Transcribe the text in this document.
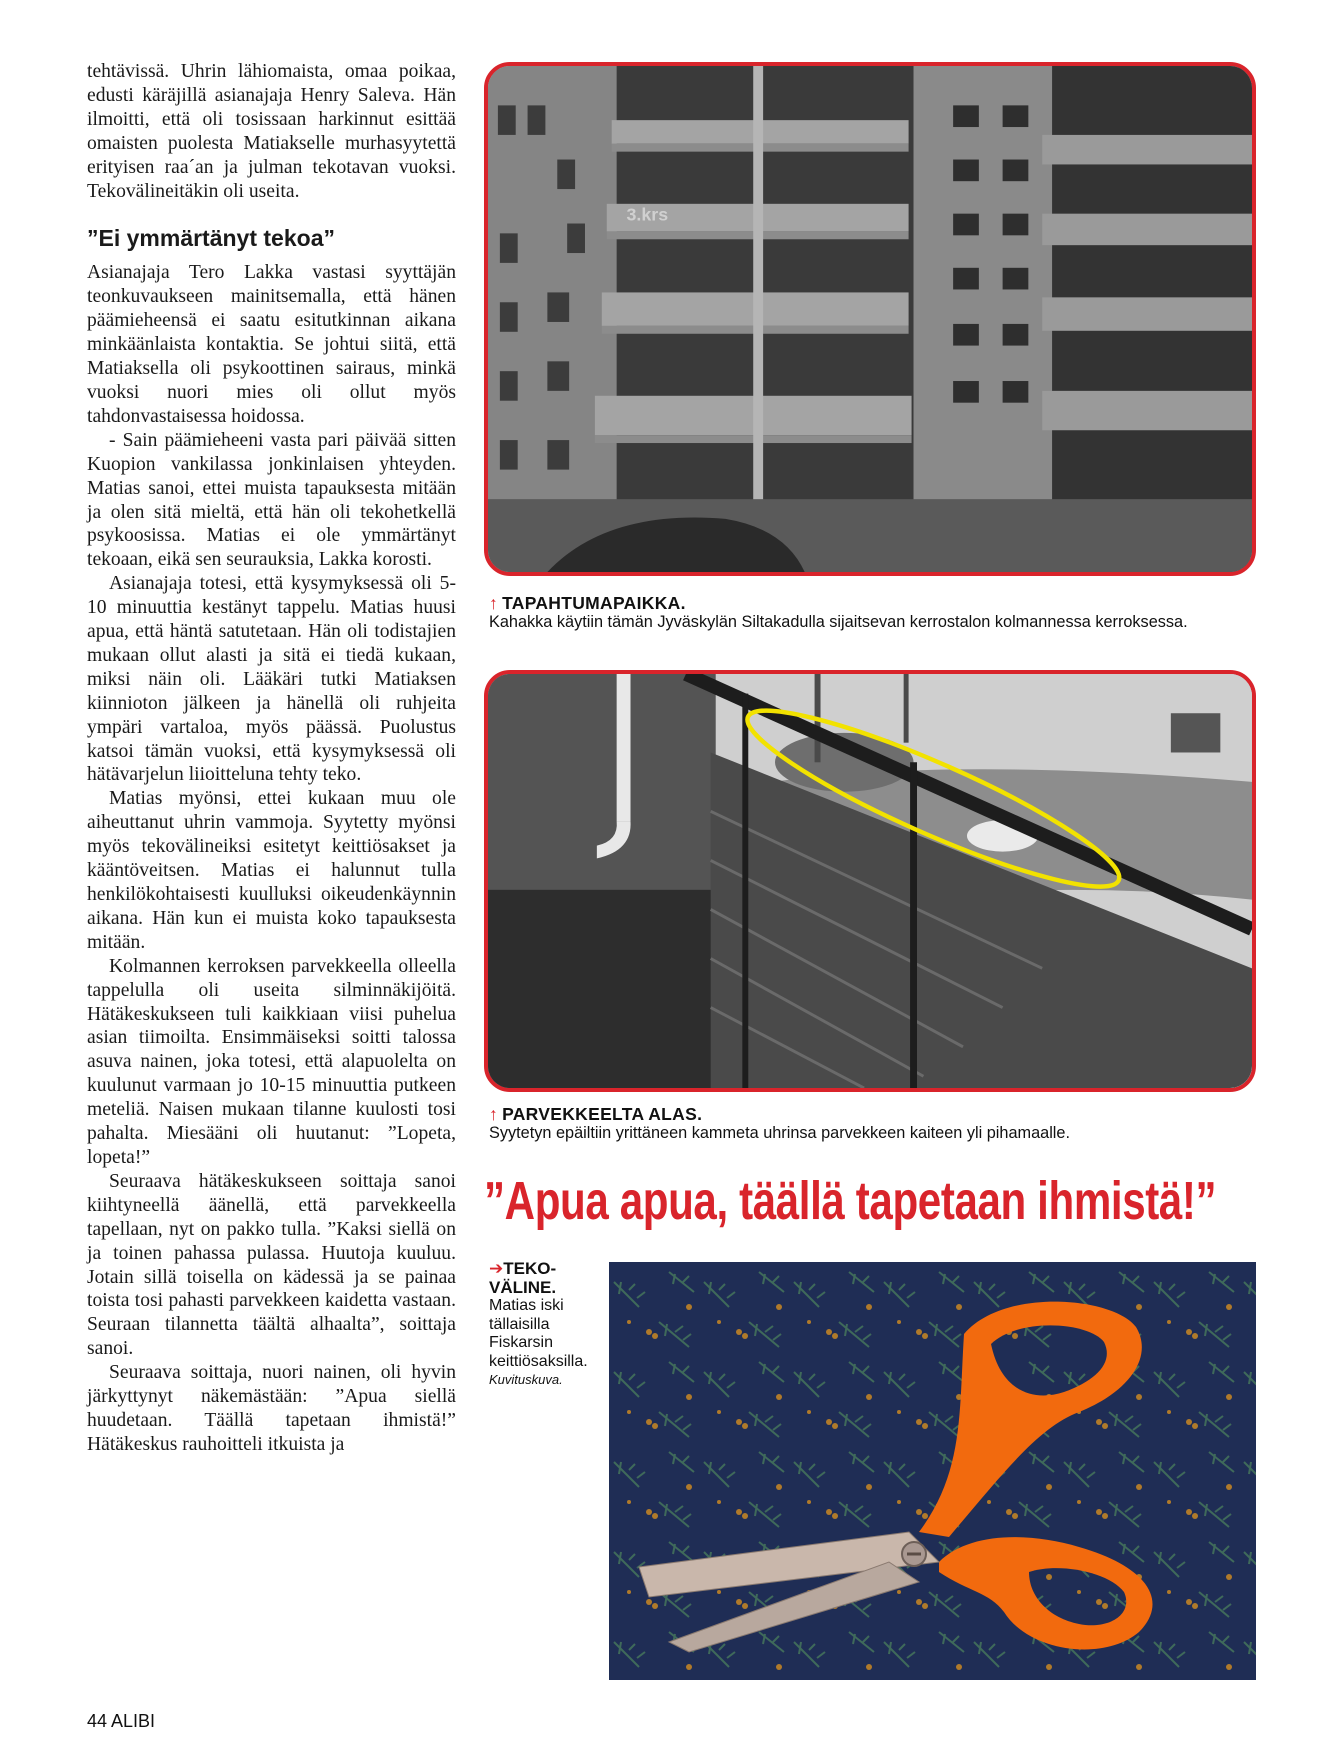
tehtävissä. Uhrin lähiomaista, omaa poikaa, edusti käräjillä asianajaja Henry Saleva. Hän ilmoitti, että oli tosissaan harkinnut esittää omaisten puolesta Matiakselle murhasyytettä erityisen raa´an ja julman tekotavan vuoksi. Tekovälineitäkin oli useita.

”Ei ymmärtänyt tekoa”

Asianajaja Tero Lakka vastasi syyttäjän teonkuvaukseen mainitsemalla, että hänen päämieheensä ei saatu esitutkinnan aikana minkäänlaista kontaktia. Se johtui siitä, että Matiaksella oli psykoottinen sairaus, minkä vuoksi nuori mies oli ollut myös tahdonvastaisessa hoidossa.

- Sain päämieheeni vasta pari päivää sitten Kuopion vankilassa jonkinlaisen yhteyden. Matias sanoi, ettei muista tapauksesta mitään ja olen sitä mieltä, että hän oli tekohetkellä psykoosissa. Matias ei ole ymmärtänyt tekoaan, eikä sen seurauksia, Lakka korosti.

Asianajaja totesi, että kysymyksessä oli 5-10 minuuttia kestänyt tappelu. Matias huusi apua, että häntä satutetaan. Hän oli todistajien mukaan ollut alasti ja sitä ei tiedä kukaan, miksi näin oli. Lääkäri tutki Matiaksen kiinnioton jälkeen ja hänellä oli ruhjeita ympäri vartaloa, myös päässä. Puolustus katsoi tämän vuoksi, että kysymyksessä oli hätävarjelun liioitteluna tehty teko.

Matias myönsi, ettei kukaan muu ole aiheuttanut uhrin vammoja. Syytetty myönsi myös tekovälineiksi esitetyt keittiösakset ja kääntöveitsen. Matias ei halunnut tulla henkilökohtaisesti kuulluksi oikeudenkäynnin aikana. Hän kun ei muista koko tapauksesta mitään.

Kolmannen kerroksen parvekkeella olleella tappelulla oli useita silminnäkijöitä. Hätäkeskukseen tuli kaikkiaan viisi puhelua asian tiimoilta. Ensimmäiseksi soitti talossa asuva nainen, joka totesi, että alapuolelta on kuulunut varmaan jo 10-15 minuuttia putkeen meteliä. Naisen mukaan tilanne kuulosti tosi pahalta. Miesääni oli huutanut: ”Lopeta, lopeta!”

Seuraava hätäkeskukseen soittaja sanoi kiihtyneellä äänellä, että parvekkeella tapellaan, nyt on pakko tulla. ”Kaksi siellä on ja toinen pahassa pulassa. Huutoja kuuluu. Jotain sillä toisella on kädessä ja se painaa toista tosi pahasti parvekkeen kaidetta vastaan. Seuraan tilannetta täältä alhaalta”, soittaja sanoi.

Seuraava soittaja, nuori nainen, oli hyvin järkyttynyt näkemästään: ”Apua siellä huudetaan. Täällä tapetaan ihmistä!” Hätäkeskus rauhoitteli itkuista ja

3.krs
↑ TAPAHTUMAPAIKKA.
Kahakka käytiin tämän Jyväskylän Siltakadulla sijaitsevan kerrostalon kolmannessa kerroksessa.
↑ PARVEKKEELTA ALAS.
Syytetyn epäiltiin yrittäneen kammeta uhrinsa parvekkeen kaiteen yli pihamaalle.
”Apua apua, täällä tapetaan ihmistä!”
➔TEKO-
VÄLINE.
Matias iski tällaisilla Fiskarsin keittiösaksilla.
Kuvituskuva.
44 ALIBI
